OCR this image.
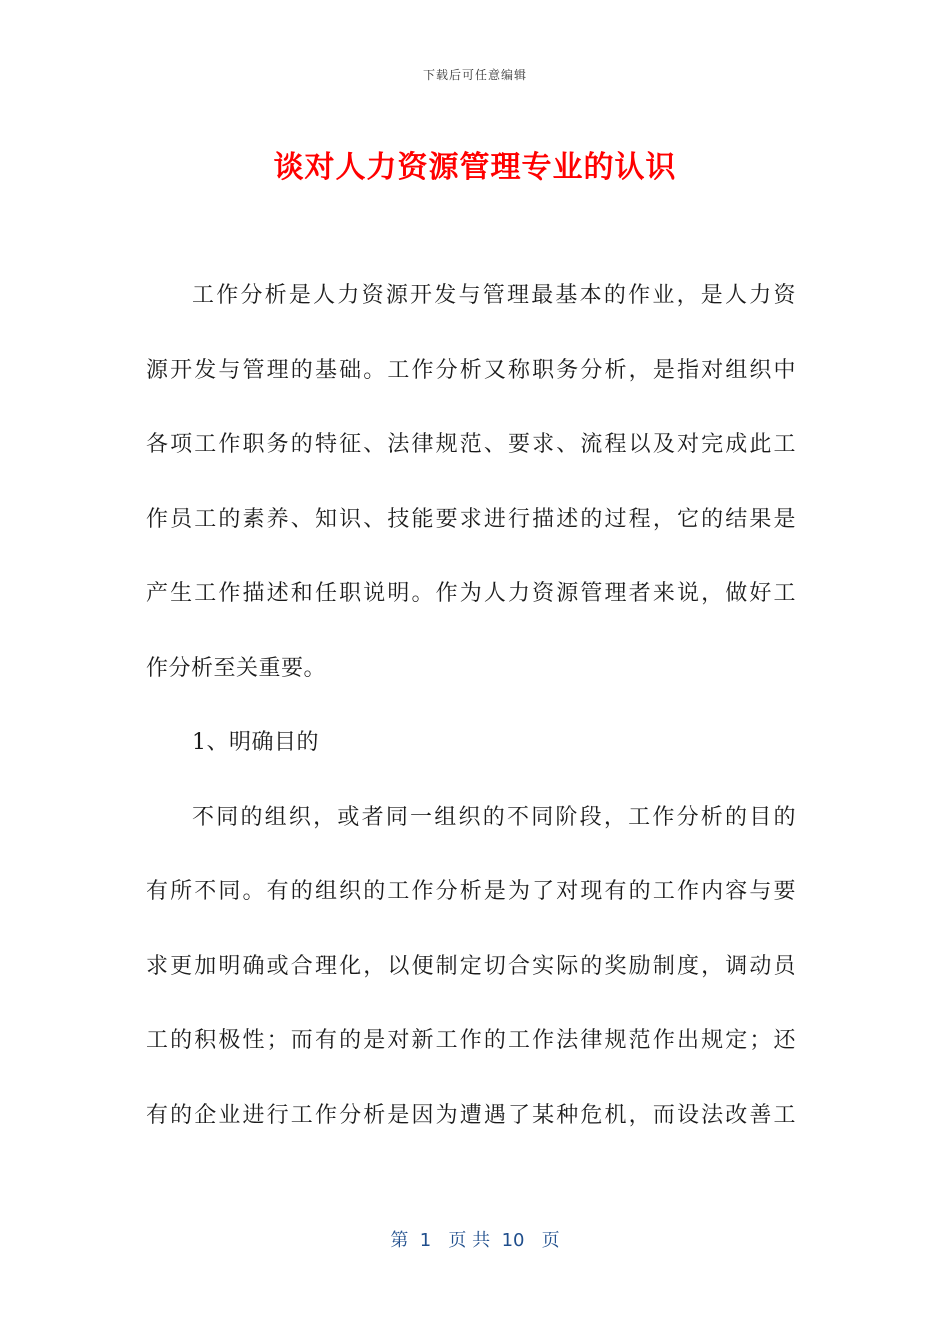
下载后可任意编辑
谈对人力资源管理专业的认识
工作分析是人力资源开发与管理最基本的作业，是人力资
源开发与管理的基础。工作分析又称职务分析，是指对组织中
各项工作职务的特征、法律规范、要求、流程以及对完成此工
作员工的素养、知识、技能要求进行描述的过程，它的结果是
产生工作描述和任职说明。作为人力资源管理者来说，做好工
作分析至关重要。
1、明确目的
不同的组织，或者同一组织的不同阶段，工作分析的目的
有所不同。有的组织的工作分析是为了对现有的工作内容与要
求更加明确或合理化，以便制定切合实际的奖励制度，调动员
工的积极性；而有的是对新工作的工作法律规范作出规定；还
有的企业进行工作分析是因为遭遇了某种危机，而设法改善工
第  1   页 共  10   页
